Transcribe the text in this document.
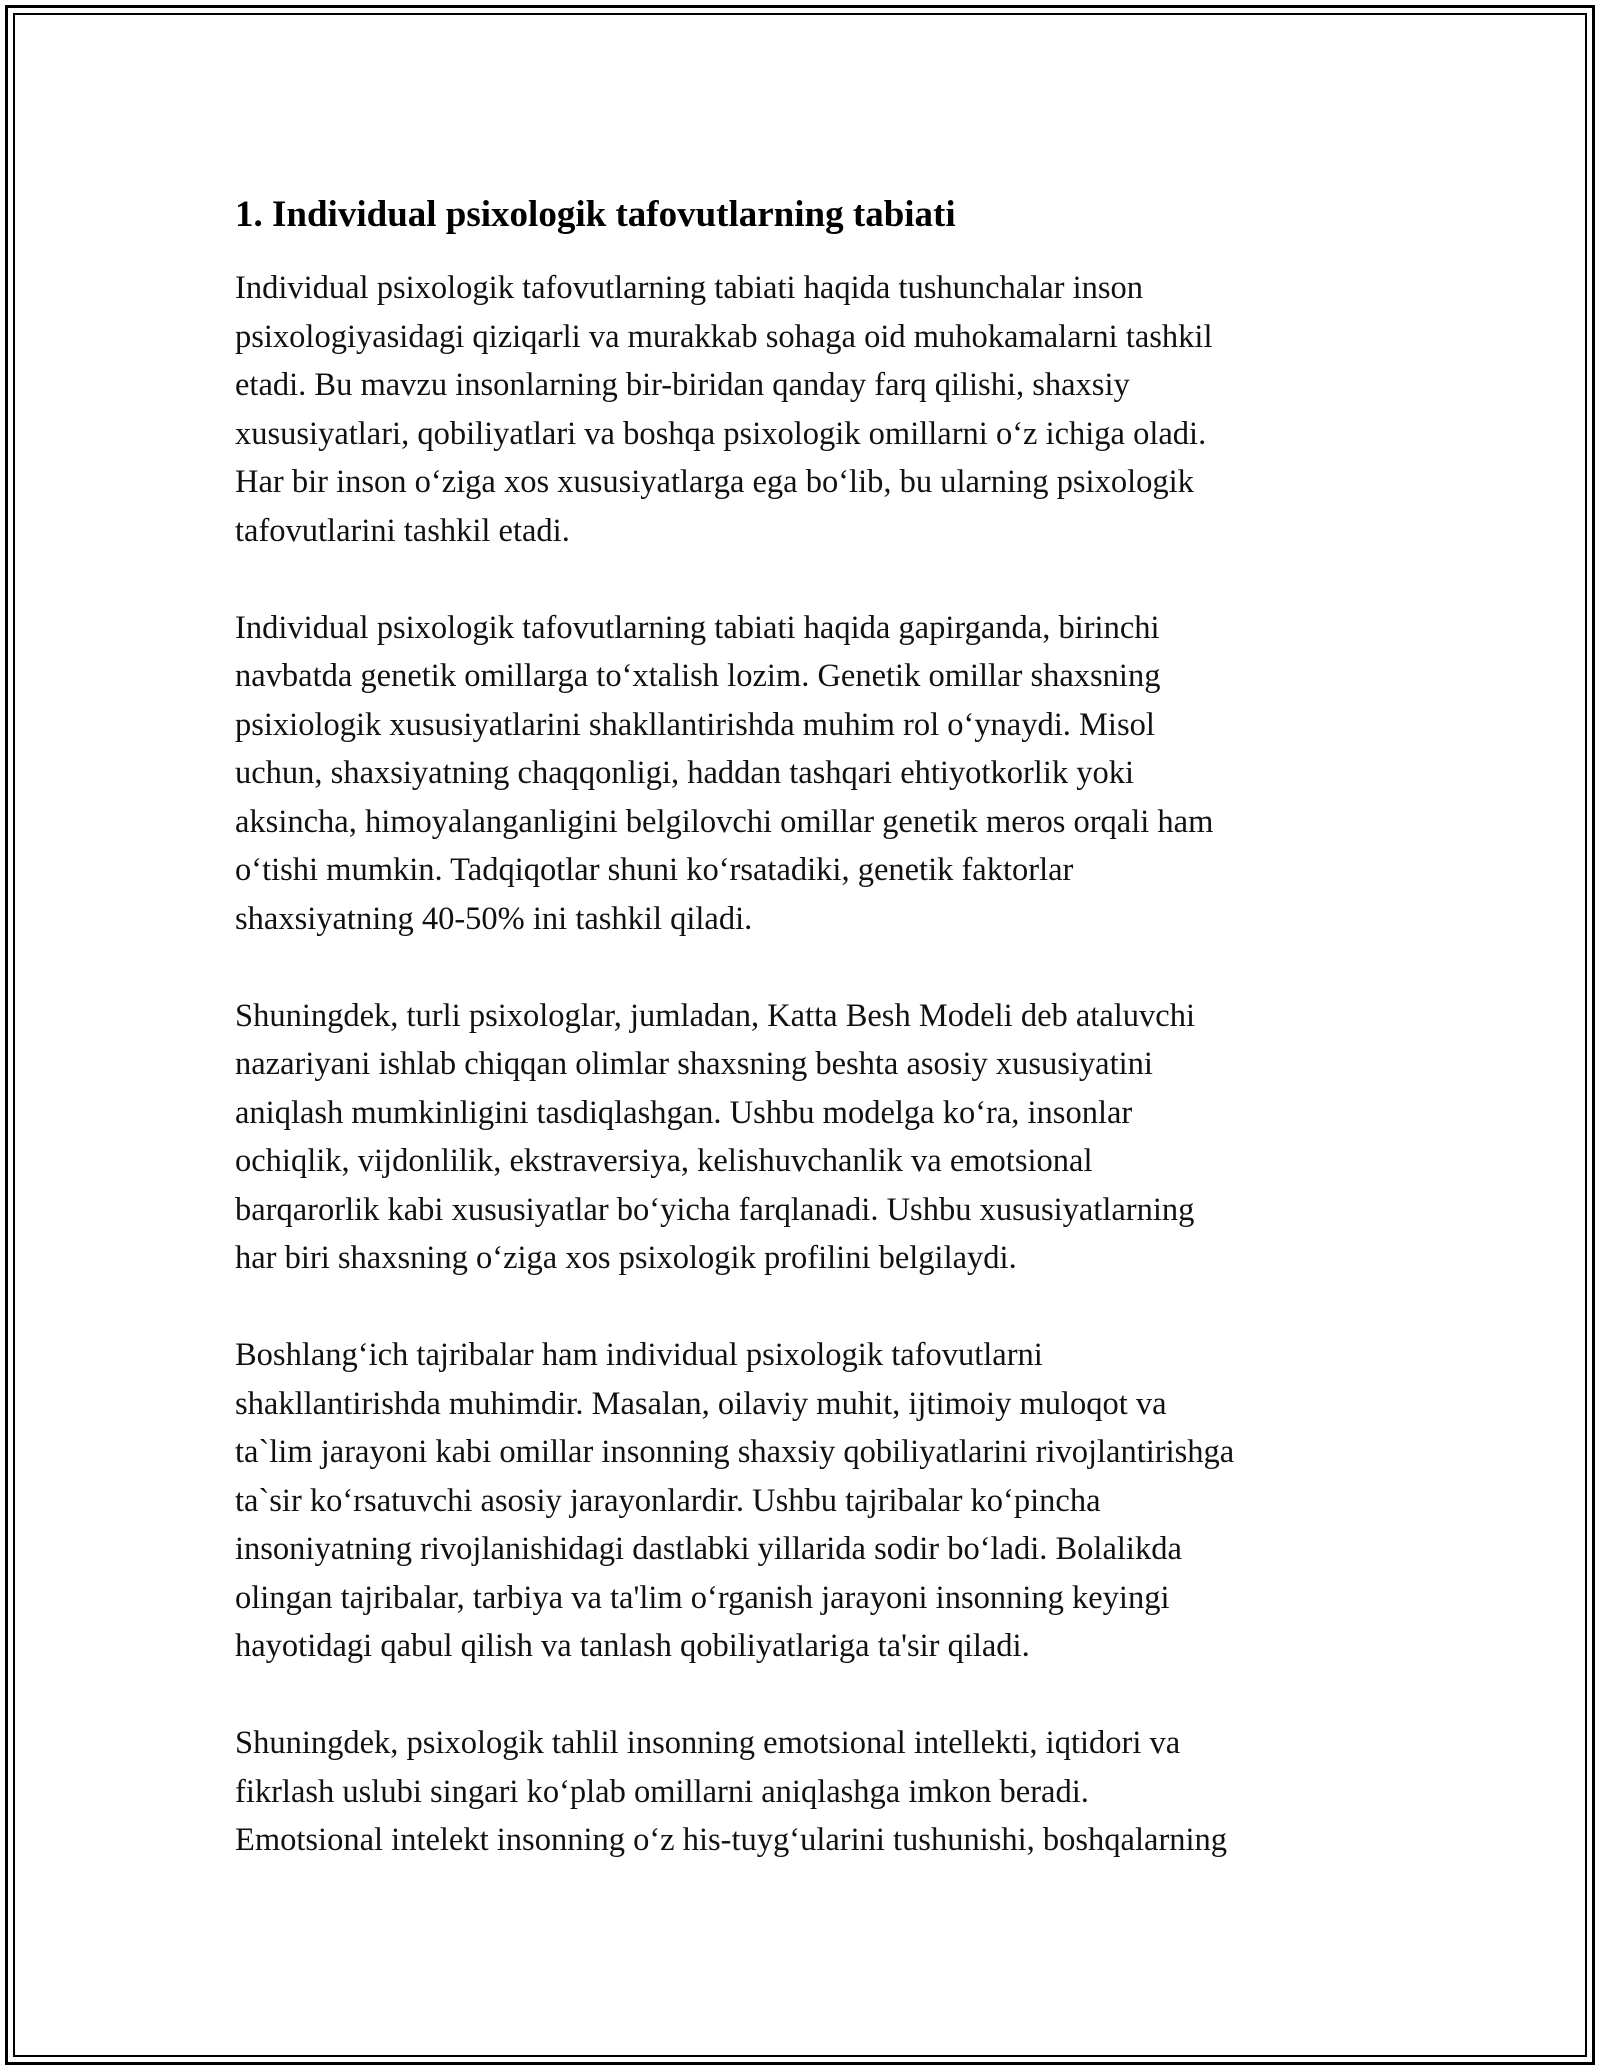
1. Individual psixologik tafovutlarning tabiati

Individual psixologik tafovutlarning tabiati haqida tushunchalar inson
psixologiyasidagi qiziqarli va murakkab sohaga oid muhokamalarni tashkil
etadi. Bu mavzu insonlarning bir-biridan qanday farq qilishi, shaxsiy
xususiyatlari, qobiliyatlari va boshqa psixologik omillarni oʻz ichiga oladi.
Har bir inson oʻziga xos xususiyatlarga ega boʻlib, bu ularning psixologik
tafovutlarini tashkil etadi.

Individual psixologik tafovutlarning tabiati haqida gapirganda, birinchi
navbatda genetik omillarga toʻxtalish lozim. Genetik omillar shaxsning
psixiologik xususiyatlarini shakllantirishda muhim rol oʻynaydi. Misol
uchun, shaxsiyatning chaqqonligi, haddan tashqari ehtiyotkorlik yoki
aksincha, himoyalanganligini belgilovchi omillar genetik meros orqali ham
oʻtishi mumkin. Tadqiqotlar shuni koʻrsatadiki, genetik faktorlar
shaxsiyatning 40-50% ini tashkil qiladi.

Shuningdek, turli psixologlar, jumladan, Katta Besh Modeli deb ataluvchi
nazariyani ishlab chiqqan olimlar shaxsning beshta asosiy xususiyatini
aniqlash mumkinligini tasdiqlashgan. Ushbu modelga koʻra, insonlar
ochiqlik, vijdonlilik, ekstraversiya, kelishuvchanlik va emotsional
barqarorlik kabi xususiyatlar boʻyicha farqlanadi. Ushbu xususiyatlarning
har biri shaxsning oʻziga xos psixologik profilini belgilaydi.

Boshlangʻich tajribalar ham individual psixologik tafovutlarni
shakllantirishda muhimdir. Masalan, oilaviy muhit, ijtimoiy muloqot va
ta`lim jarayoni kabi omillar insonning shaxsiy qobiliyatlarini rivojlantirishga
ta`sir koʻrsatuvchi asosiy jarayonlardir. Ushbu tajribalar koʻpincha
insoniyatning rivojlanishidagi dastlabki yillarida sodir boʻladi. Bolalikda
olingan tajribalar, tarbiya va ta'lim oʻrganish jarayoni insonning keyingi
hayotidagi qabul qilish va tanlash qobiliyatlariga ta'sir qiladi.

Shuningdek, psixologik tahlil insonning emotsional intellekti, iqtidori va
fikrlash uslubi singari koʻplab omillarni aniqlashga imkon beradi.
Emotsional intelekt insonning oʻz his-tuygʻularini tushunishi, boshqalarning
